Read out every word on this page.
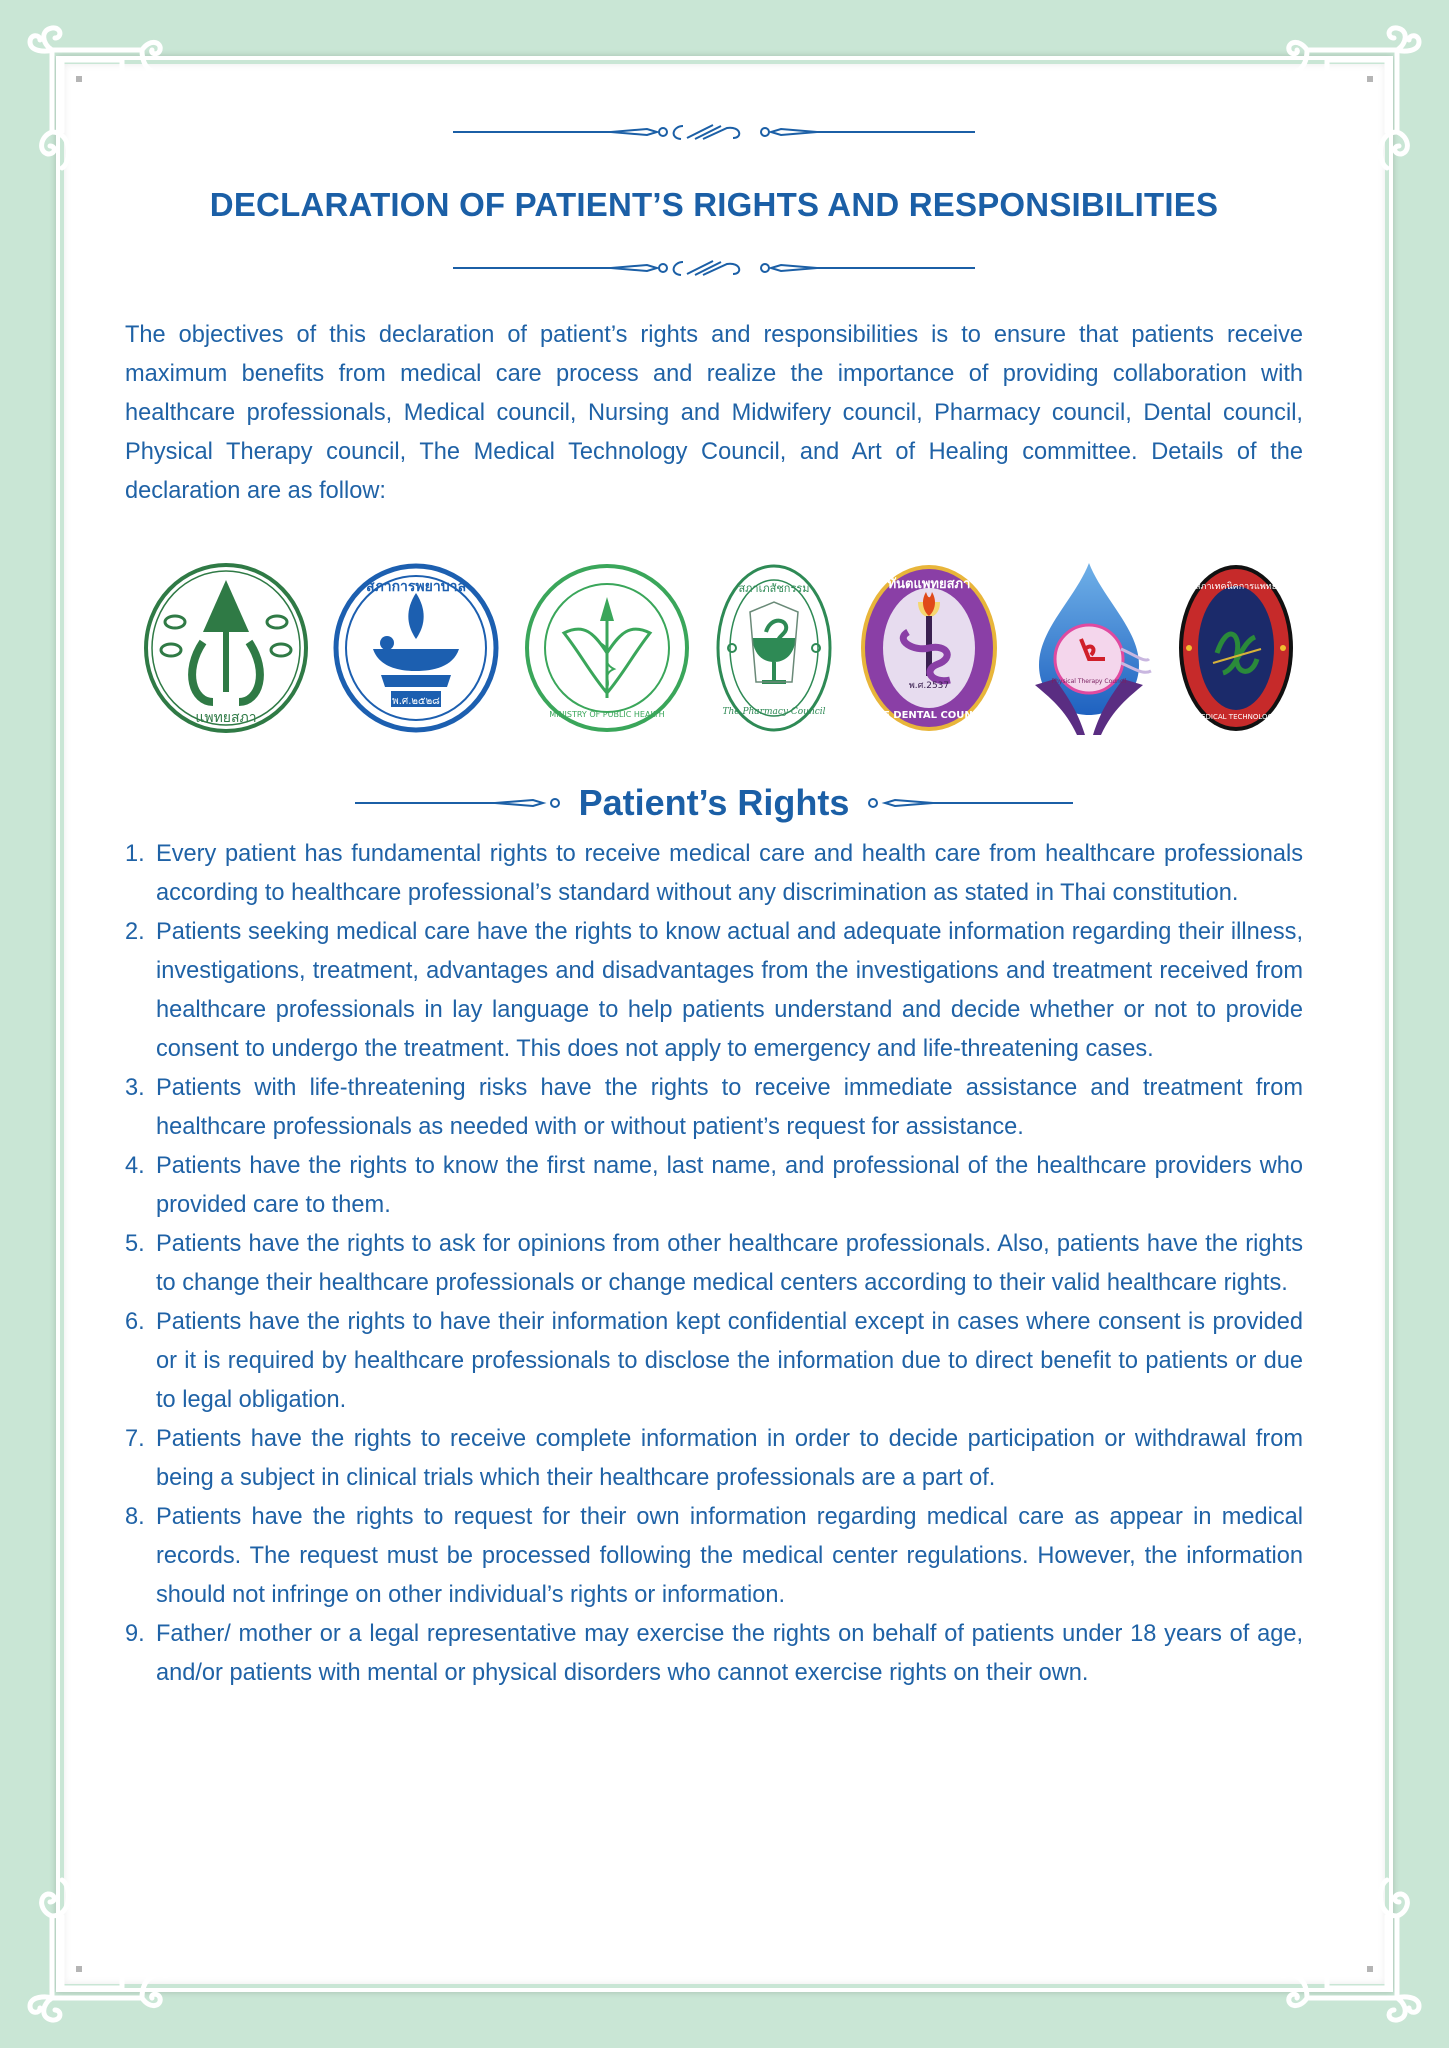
DECLARATION OF PATIENT’S RIGHTS AND RESPONSIBILITIES

The objectives of this declaration of patient’s rights and responsibilities is to ensure that patients receive maximum benefits from medical care process and realize the importance of providing collaboration with healthcare professionals, Medical council, Nursing and Midwifery council, Pharmacy council, Dental council, Physical Therapy council, The Medical Technology Council, and Art of Healing committee. Details of the declaration are as follow:

แพทยสภา
พ.ศ.๒๕๒๘
สภาการพยาบาล
MINISTRY OF PUBLIC HEALTH
สภาเภสัชกรรม
The Pharmacy Council
ทันตแพทยสภา
พ.ศ.2537
THE DENTAL COUNCIL
Physical Therapy Council
สภาเทคนิคการแพทย์
MEDICAL TECHNOLOGY
Patient’s Rights
1. Every patient has fundamental rights to receive medical care and health care from healthcare professionals according to healthcare professional’s standard without any discrimination as stated in Thai constitution.
2. Patients seeking medical care have the rights to know actual and adequate information regarding their illness, investigations, treatment, advantages and disadvantages from the investigations and treatment received from healthcare professionals in lay language to help patients understand and decide whether or not to provide consent to undergo the treatment. This does not apply to emergency and life-threatening cases.
3. Patients with life-threatening risks have the rights to receive immediate assistance and treatment from healthcare professionals as needed with or without patient’s request for assistance.
4. Patients have the rights to know the first name, last name, and professional of the healthcare providers who provided care to them.
5. Patients have the rights to ask for opinions from other healthcare professionals. Also, patients have the rights to change their healthcare professionals or change medical centers according to their valid healthcare rights.
6. Patients have the rights to have their information kept confidential except in cases where consent is provided or it is required by healthcare professionals to disclose the information due to direct benefit to patients or due to legal obligation.
7. Patients have the rights to receive complete information in order to decide participation or withdrawal from being a subject in clinical trials which their healthcare professionals are a part of.
8. Patients have the rights to request for their own information regarding medical care as appear in medical records. The request must be processed following the medical center regulations. However, the information should not infringe on other individual’s rights or information.
9. Father/ mother or a legal representative may exercise the rights on behalf of patients under 18 years of age, and/or patients with mental or physical disorders who cannot exercise rights on their own.
